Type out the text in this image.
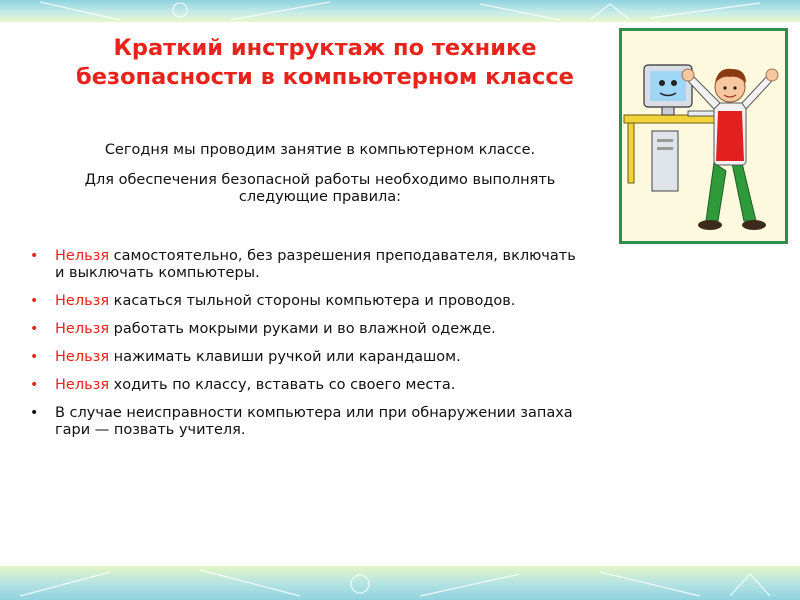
Краткий инструктаж по технике безопасности в компьютерном классе

Сегодня мы проводим занятие в компьютерном классе.

Для обеспечения безопасной работы необходимо выполнять следующие правила:

• Нельзя самостоятельно, без разрешения преподавателя, включать и выключать компьютеры.
• Нельзя касаться тыльной стороны компьютера и проводов.
• Нельзя работать мокрыми руками и во влажной одежде.
• Нельзя нажимать клавиши ручкой или карандашом.
• Нельзя ходить по классу, вставать со своего места.
• В случае неисправности компьютера или при обнаружении запаха гари — позвать учителя.
